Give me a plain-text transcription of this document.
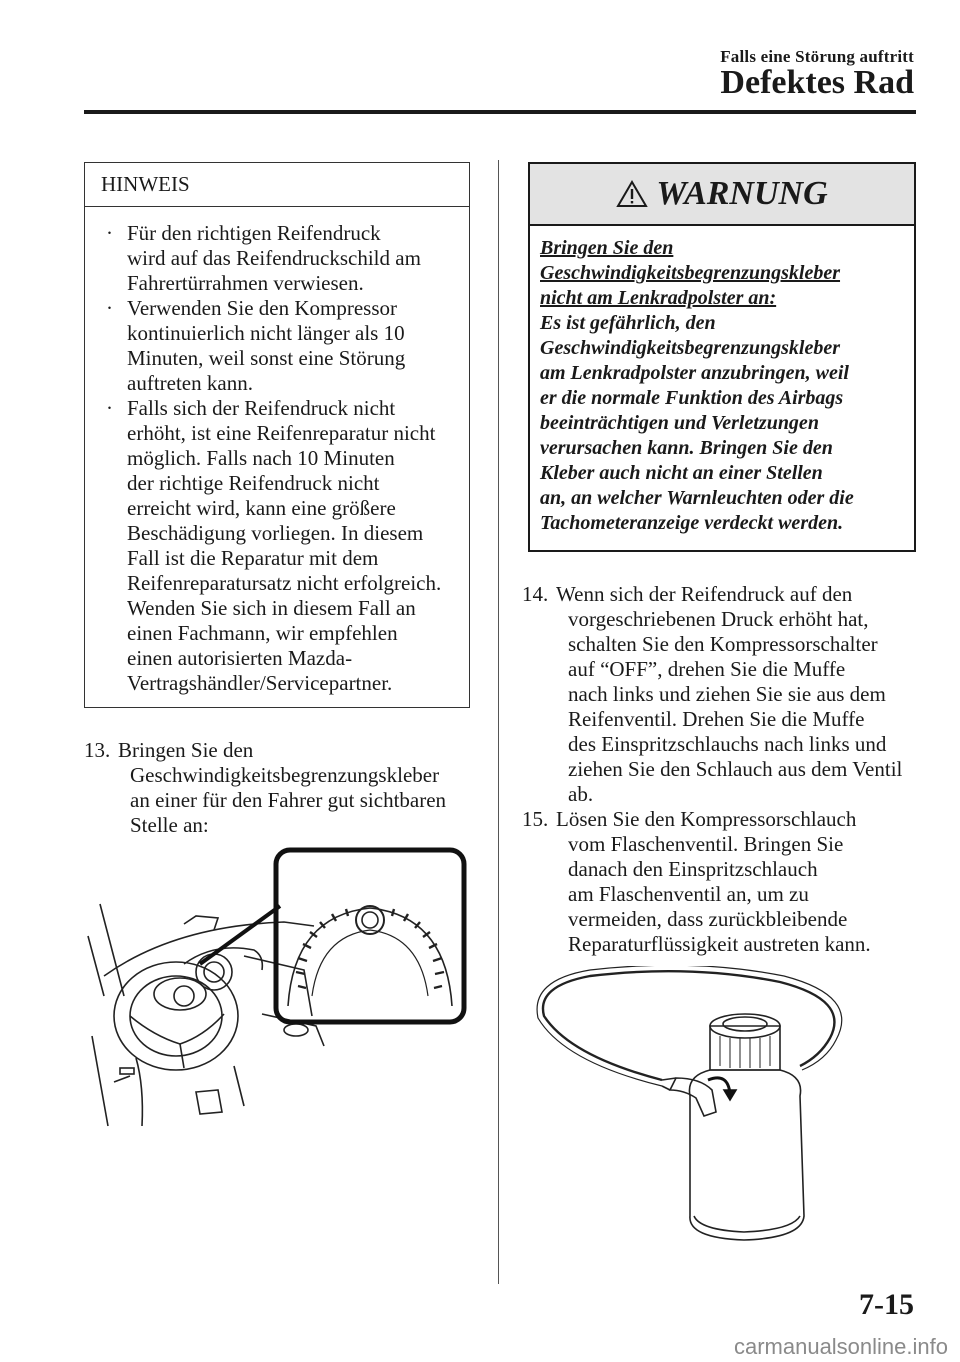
Falls eine Störung auftritt
Defektes Rad
HINWEIS
· Für den richtigen Reifendruck
wird auf das Reifendruckschild am
Fahrertürrahmen verwiesen.
· Verwenden Sie den Kompressor
kontinuierlich nicht länger als 10
Minuten, weil sonst eine Störung
auftreten kann.
· Falls sich der Reifendruck nicht
erhöht, ist eine Reifenreparatur nicht
möglich. Falls nach 10 Minuten
der richtige Reifendruck nicht
erreicht wird, kann eine größere
Beschädigung vorliegen. In diesem
Fall ist die Reparatur mit dem
Reifenreparatursatz nicht erfolgreich.
Wenden Sie sich in diesem Fall an
einen Fachmann, wir empfehlen
einen autorisierten Mazda-
Vertragshändler/Servicepartner.
13. Bringen Sie den
Geschwindigkeitsbegrenzungskleber
an einer für den Fahrer gut sichtbaren
Stelle an:
WARNUNG
Bringen Sie den
Geschwindigkeitsbegrenzungskleber
nicht am Lenkradpolster an:
Es ist gefährlich, den
Geschwindigkeitsbegrenzungskleber
am Lenkradpolster anzubringen, weil
er die normale Funktion des Airbags
beeinträchtigen und Verletzungen
verursachen kann. Bringen Sie den
Kleber auch nicht an einer Stellen
an, an welcher Warnleuchten oder die
Tachometeranzeige verdeckt werden.
14. Wenn sich der Reifendruck auf den
vorgeschriebenen Druck erhöht hat,
schalten Sie den Kompressorschalter
auf “OFF”, drehen Sie die Muffe
nach links und ziehen Sie sie aus dem
Reifenventil. Drehen Sie die Muffe
des Einspritzschlauchs nach links und
ziehen Sie den Schlauch aus dem Ventil
ab.
15. Lösen Sie den Kompressorschlauch
vom Flaschenventil. Bringen Sie
danach den Einspritzschlauch
am Flaschenventil an, um zu
vermeiden, dass zurückbleibende
Reparaturflüssigkeit austreten kann.
7-15
carmanualsonline.info
